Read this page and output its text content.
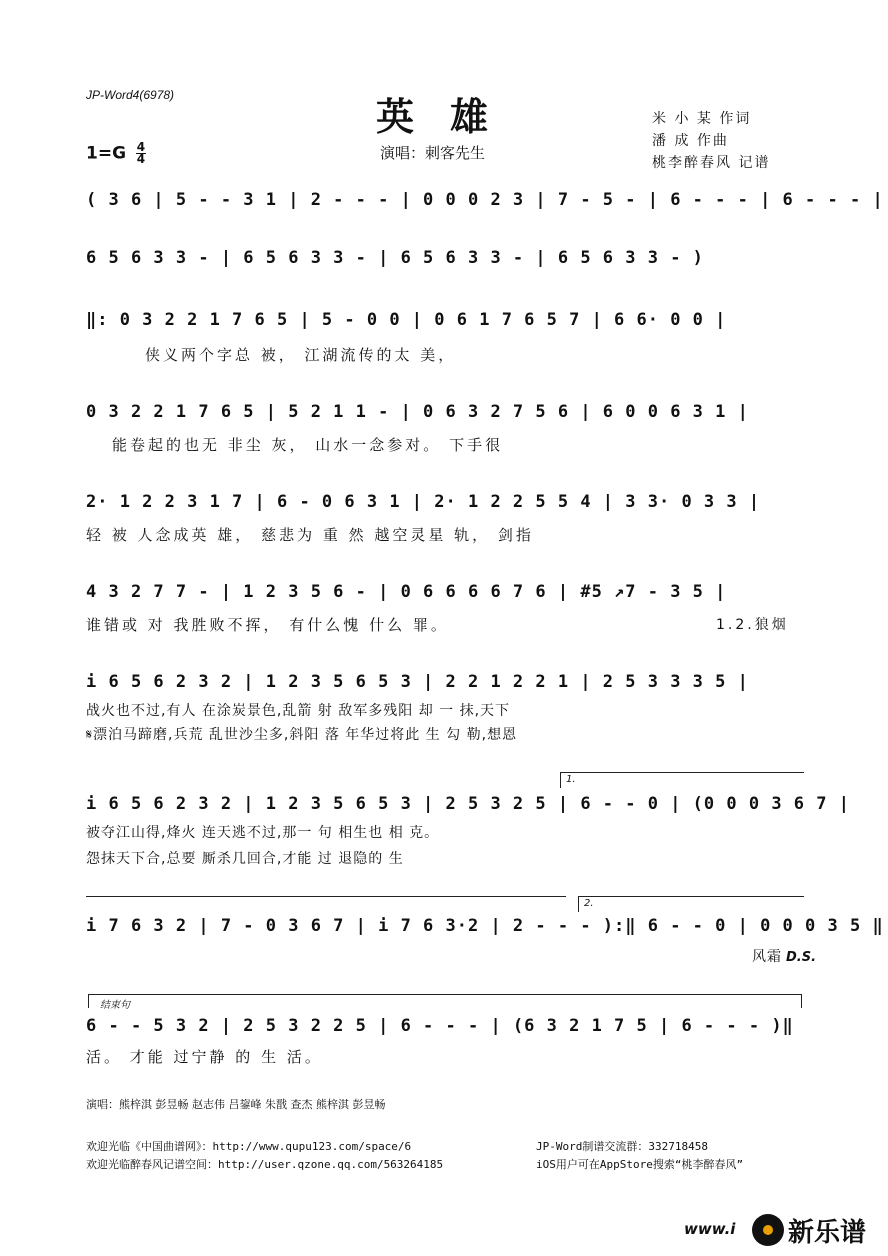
JP-Word4(6978)	英雄
演唱：刺客先生
米 小 某 作词
潘 成 作曲
桃李醉春风 记谱
$1=G \frac{4}{4}$
( 3 6 | 5 - - 3 1 | 2 - - - | 0 0 0 2 3 | 7 - 5 - | 6 - - - | 6 - - - |
6 5 6 3 3 - | 6 5 6 3 3 - | 6 5 6 3 3 - | 6 5 6 3 3 - )
‖: 0 3 2 2 1 7 6 5 | 5 - 0 0 | 0 6 1 7 6 5 7 | 6 6· 0 0 |
侠义两个字总 被， 江湖流传的太 美，
0 3 2 2 1 7 6 5 | 5 2 1 1 - | 0 6 3 2 7 5 6 | 6 0 0 6 3 1 |
能卷起的也无 非尘 灰， 山水一念参对。 下手很
2· 1 2 2 3 1 7 | 6 - 0 6 3 1 | 2· 1 2 2 5 5 4 | 3 3· 0 3 3 |
轻 被 人念成英 雄， 慈悲为 重 然 越空灵星 轨， 剑指
4 3 2 7 7 - | 1 2 3 5 6 - | 0 6 6 6 6 7 6 | #5 ↗7 - 3 5 |
谁错或 对 我胜败不挥， 有什么愧 什么 罪。	1.2.狼烟
i 6 5 6 2 3 2 | 1 2 3 5 6 5 3 | 2 2 1 2 2 1 | 2 5 3 3 3 5 |
战火也不过,有人 在涂炭景色,乱箭 射 敌军多残阳 却 一 抹,天下
𝄋漂泊马蹄磨,兵荒 乱世沙尘多,斜阳 落 年华过将此 生 勾 勒,想恩
1.
i 6 5 6 2 3 2 | 1 2 3 5 6 5 3 | 2 5 3 2 5 | 6 - - 0 | (0 0 0 3 6 7 |
被夺江山得,烽火 连天逃不过,那一 句 相生也 相 克。
怨抹天下合,总要 厮杀几回合,才能 过 退隐的 生
2.
i 7 6 3 2 | 7 - 0 3 6 7 | i 7 6 3·2 | 2 - - - ):‖ 6 - - 0 | 0 0 0 3 5 ‖
风霜 D.S.
结束句
6 - - 5 3 2 | 2 5 3 2 2 5 | 6 - - - | (6 3 2 1 7 5 | 6 - - - )‖
活。 才能 过宁静 的 生 活。
演唱：熊梓淇 彭昱畅 赵志伟 吕鋆峰 朱戬 查杰 熊梓淇 彭昱畅
欢迎光临《中国曲谱网》：http://www.qupu123.com/space/6	JP-Word制谱交流群：332718458
欢迎光临醉春风记谱空间：http://user.qzone.qq.com/563264185	iOS用户可在AppStore搜索“桃李醉春风”
www.i 新乐谱
